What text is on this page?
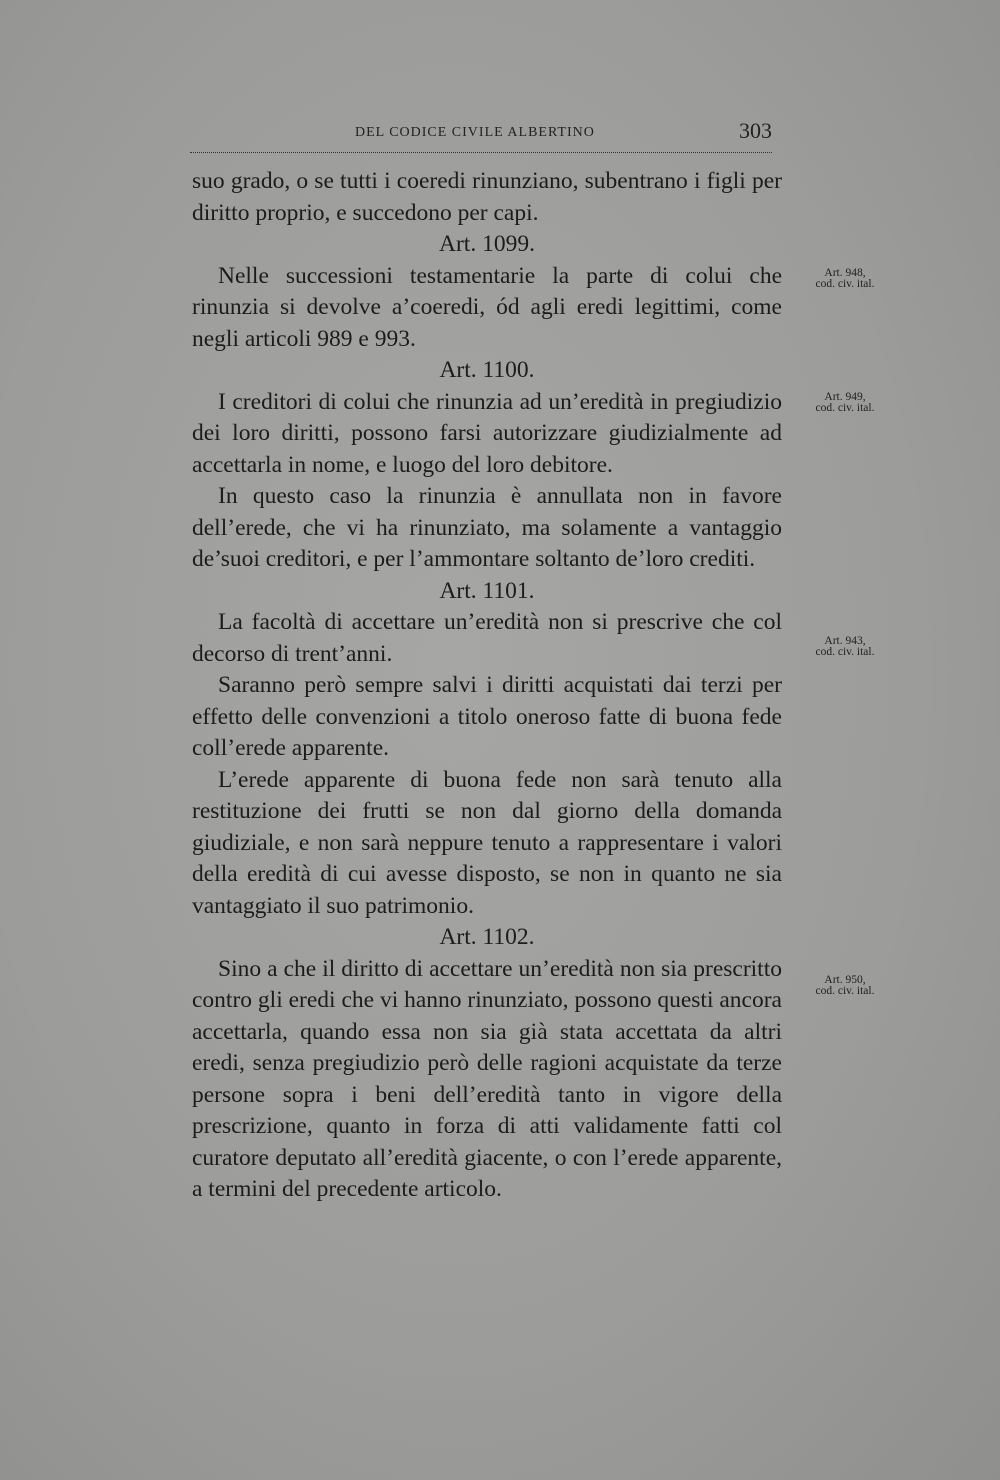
DEL CODICE CIVILE ALBERTINO	303

suo grado, o se tutti i coeredi rinunziano, subentrano i figli per diritto proprio, e succedono per capi.

Art. 1099.

Nelle successioni testamentarie la parte di colui che rinunzia si devolve a’coeredi, ód agli eredi legittimi, come negli articoli 989 e 993.

Art. 1100.

I creditori di colui che rinunzia ad un’eredità in pregiudizio dei loro diritti, possono farsi autorizzare giudizialmente ad accettarla in nome, e luogo del loro debitore.

In questo caso la rinunzia è annullata non in favore dell’erede, che vi ha rinunziato, ma solamente a vantaggio de’suoi creditori, e per l’ammontare soltanto de’loro crediti.

Art. 1101.

La facoltà di accettare un’eredità non si prescrive che col decorso di trent’anni.

Saranno però sempre salvi i diritti acquistati dai terzi per effetto delle convenzioni a titolo oneroso fatte di buona fede coll’erede apparente.

L’erede apparente di buona fede non sarà tenuto alla restituzione dei frutti se non dal giorno della domanda giudiziale, e non sarà neppure tenuto a rappresentare i valori della eredità di cui avesse disposto, se non in quanto ne sia vantaggiato il suo patrimonio.

Art. 1102.

Sino a che il diritto di accettare un’eredità non sia prescritto contro gli eredi che vi hanno rinunziato, possono questi ancora accettarla, quando essa non sia già stata accettata da altri eredi, senza pregiudizio però delle ragioni acquistate da terze persone sopra i beni dell’eredità tanto in vigore della prescrizione, quanto in forza di atti validamente fatti col curatore deputato all’eredità giacente, o con l’erede apparente, a termini del precedente articolo.

Art. 948,
cod. civ. ital.
Art. 949,
cod. civ. ital.
Art. 943,
cod. civ. ital.
Art. 950,
cod. civ. ital.
